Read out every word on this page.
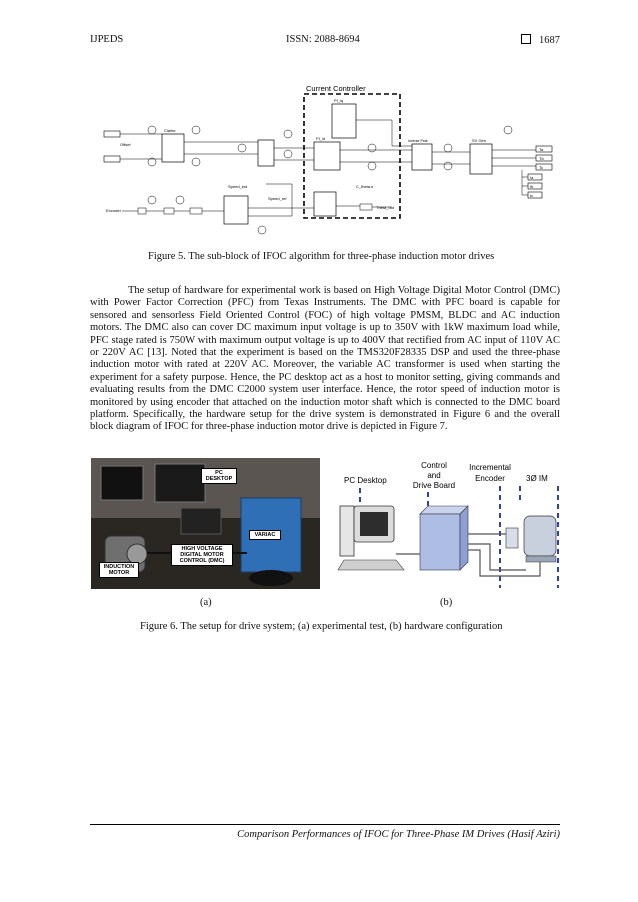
IJPEDS	ISSN: 2088-8694	1687
Current Controller
Offset
Clarke
PI_iq
PI_id	Inverse Park	SV Gen
Ta
Tb
Tc
Ia
Ib
Ic
Encoder
Speed_est
Speed_ref
C_theta.e
Theta_out
Figure 5. The sub-block of IFOC algorithm for three-phase induction motor drives

The setup of hardware for experimental work is based on High Voltage Digital Motor Control (DMC) with Power Factor Correction (PFC) from Texas Instruments. The DMC with PFC board is capable for sensored and sensorless Field Oriented Control (FOC) of high voltage PMSM, BLDC and AC induction motors. The DMC also can cover DC maximum input voltage is up to 350V with 1kW maximum load while, PFC stage rated is 750W with maximum output voltage is up to 400V that rectified from AC input of 110V AC or 220V AC [13]. Noted that the experiment is based on the TMS320F28335 DSP and used the three-phase induction motor with rated at 220V AC. Moreover, the variable AC transformer is used when starting the experiment for a safety purpose. Hence, the PC desktop act as a host to monitor setting, giving commands and evaluating results from the DMC C2000 system user interface. Hence, the rotor speed of induction motor is monitored by using encoder that attached on the induction motor shaft which is connected to the DMC board platform. Specifically, the hardware setup for the drive system is demonstrated in Figure 6 and the overall block diagram of IFOC for three-phase induction motor drive is depicted in Figure 7.

PC DESKTOP
VARIAC
HIGH VOLTAGE DIGITAL MOTOR CONTROL (DMC)
INDUCTION MOTOR
PC Desktop
Control
and
Drive Board
Incremental
Encoder	3Ø IM
(a)	(b)
Figure 6. The setup for drive system; (a) experimental test, (b) hardware configuration
Comparison Performances of IFOC for Three-Phase IM Drives (Hasif Aziri)
